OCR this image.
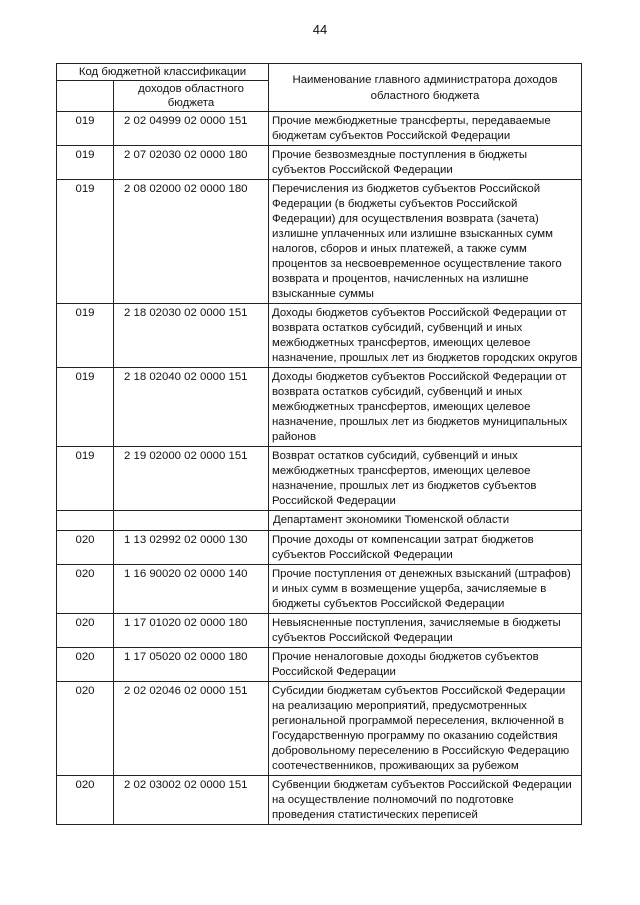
44
Код бюджетной классификации		Наименование главного администратора доходов областного бюджета
	доходов областного бюджета	
019	2 02 04999 02 0000 151	Прочие межбюджетные трансферты, передаваемые бюджетам субъектов Российской Федерации
019	2 07 02030 02 0000 180	Прочие безвозмездные поступления в бюджеты субъектов Российской Федерации
019	2 08 02000 02 0000 180	Перечисления из бюджетов субъектов Российской Федерации (в бюджеты субъектов Российской Федерации) для осуществления возврата (зачета) излишне уплаченных или излишне взысканных сумм налогов, сборов и иных платежей, а также сумм процентов за несвоевременное осуществление такого возврата и процентов, начисленных на излишне взысканные суммы
019	2 18 02030 02 0000 151	Доходы бюджетов субъектов Российской Федерации от возврата остатков субсидий, субвенций и иных межбюджетных трансфертов, имеющих целевое назначение, прошлых лет из бюджетов городских округов
019	2 18 02040 02 0000 151	Доходы бюджетов субъектов Российской Федерации от возврата остатков субсидий, субвенций и иных межбюджетных трансфертов, имеющих целевое назначение, прошлых лет из бюджетов муниципальных районов
019	2 19 02000 02 0000 151	Возврат остатков субсидий, субвенций и иных межбюджетных трансфертов, имеющих целевое назначение, прошлых лет из бюджетов субъектов Российской Федерации
		Департамент экономики Тюменской области
020	1 13 02992 02 0000 130	Прочие доходы от компенсации затрат бюджетов субъектов Российской Федерации
020	1 16 90020 02 0000 140	Прочие поступления от денежных взысканий (штрафов) и иных сумм в возмещение ущерба, зачисляемые в бюджеты субъектов Российской Федерации
020	1 17 01020 02 0000 180	Невыясненные поступления, зачисляемые в бюджеты субъектов Российской Федерации
020	1 17 05020 02 0000 180	Прочие неналоговые доходы бюджетов субъектов Российской Федерации
020	2 02 02046 02 0000 151	Субсидии бюджетам субъектов Российской Федерации на реализацию мероприятий, предусмотренных региональной программой переселения, включенной в Государственную программу по оказанию содействия добровольному переселению в Российскую Федерацию соотечественников, проживающих за рубежом
020	2 02 03002 02 0000 151	Субвенции бюджетам субъектов Российской Федерации на осуществление полномочий по подготовке проведения статистических переписей
